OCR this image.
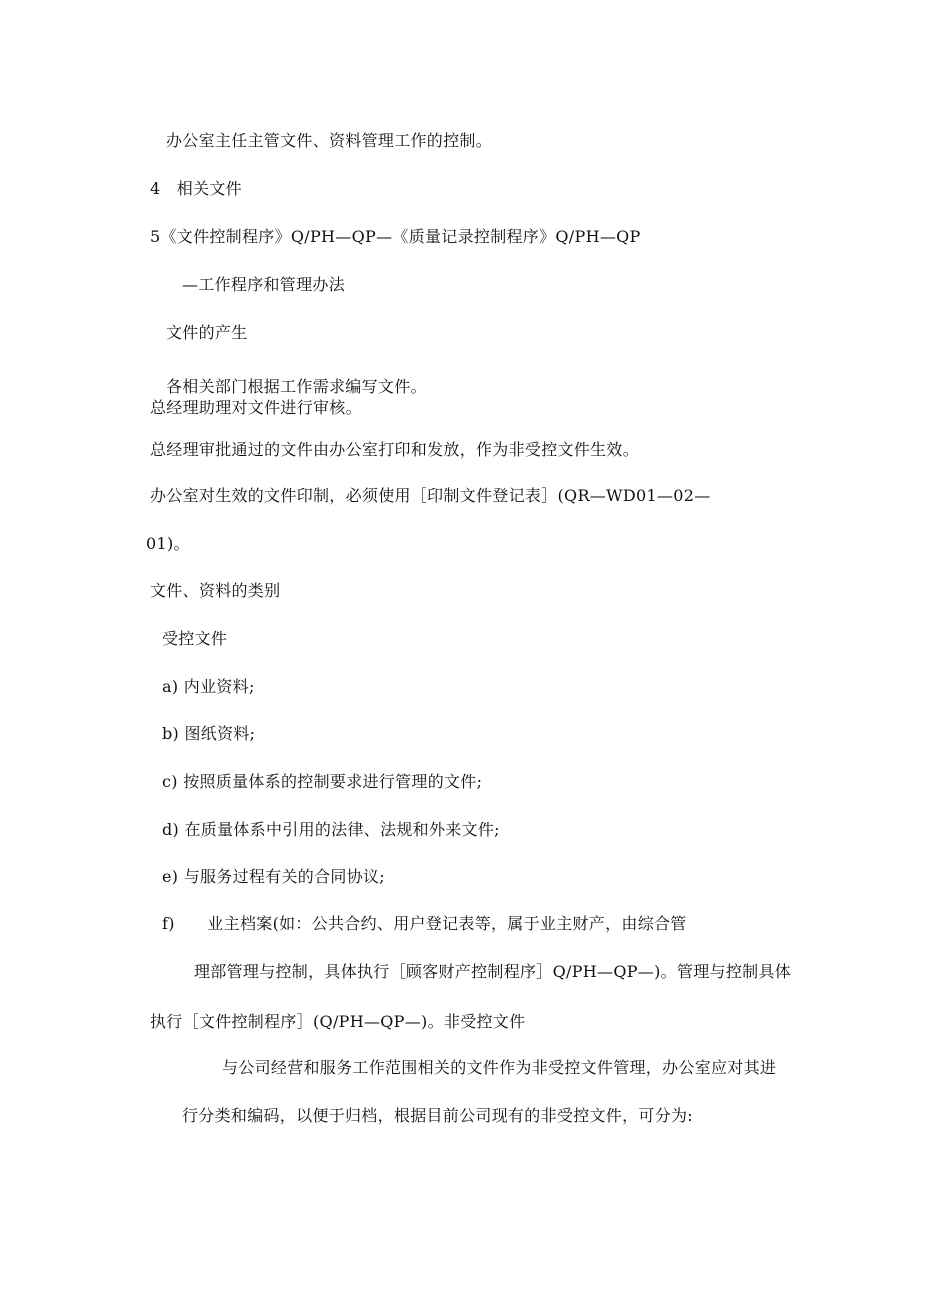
办公室主任主管文件、资料管理工作的控制。
4　相关文件
5《文件控制程序》Q/PH—QP—《质量记录控制程序》Q/PH—QP
—工作程序和管理办法
文件的产生
各相关部门根据工作需求编写文件。
总经理助理对文件进行审核。
总经理审批通过的文件由办公室打印和发放，作为非受控文件生效。
办公室对生效的文件印制，必须使用［印制文件登记表］(QR—WD01—02—
01)。
文件、资料的类别
受控文件
a) 内业资料;
b) 图纸资料;
c) 按照质量体系的控制要求进行管理的文件;
d) 在质量体系中引用的法律、法规和外来文件;
e) 与服务过程有关的合同协议;
f)　　业主档案(如：公共合约、用户登记表等，属于业主财产，由综合管
理部管理与控制，具体执行［顾客财产控制程序］Q/PH—QP—)。管理与控制具体
执行［文件控制程序］(Q/PH—QP—)。非受控文件
与公司经营和服务工作范围相关的文件作为非受控文件管理，办公室应对其进
行分类和编码，以便于归档，根据目前公司现有的非受控文件，可分为:
